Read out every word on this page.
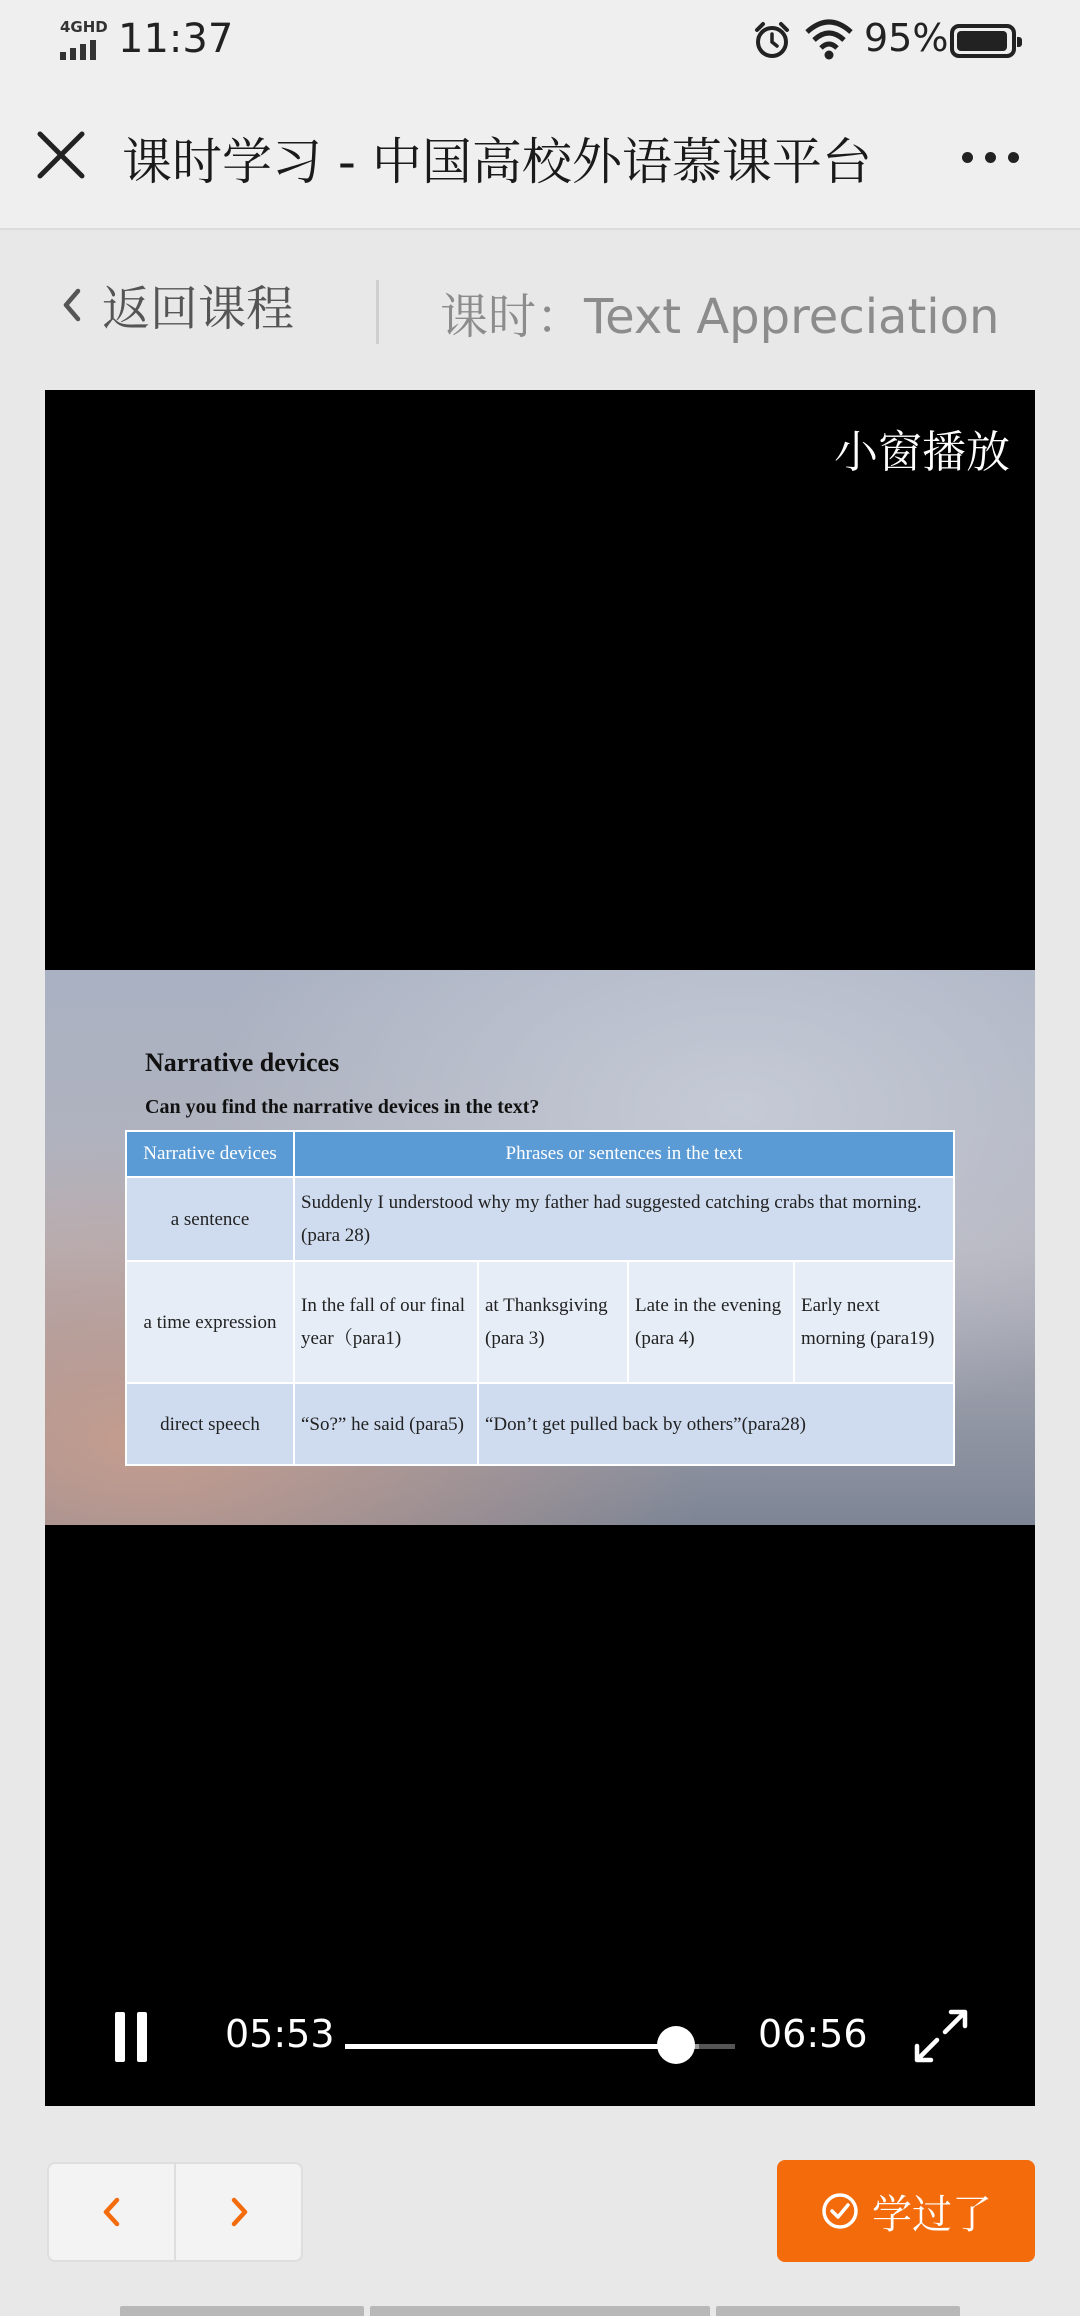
4GHD 11:37	95%
课时学习 - 中国高校外语慕课平台
返回课程	课时：Text Appreciation
小窗播放
Narrative devices
Can you find the narrative devices in the text?
Narrative devices	Phrases or sentences in the text			
a sentence	Suddenly I understood why my father had suggested catching crabs that morning. (para 28)			
a time expression	In the fall of our final year（para1)	at Thanksgiving (para 3)	Late in the evening (para 4)	Early next morning (para19)
direct speech	“So?” he said (para5)	“Don’t get pulled back by others”(para28)		
05:53	06:56
学过了
